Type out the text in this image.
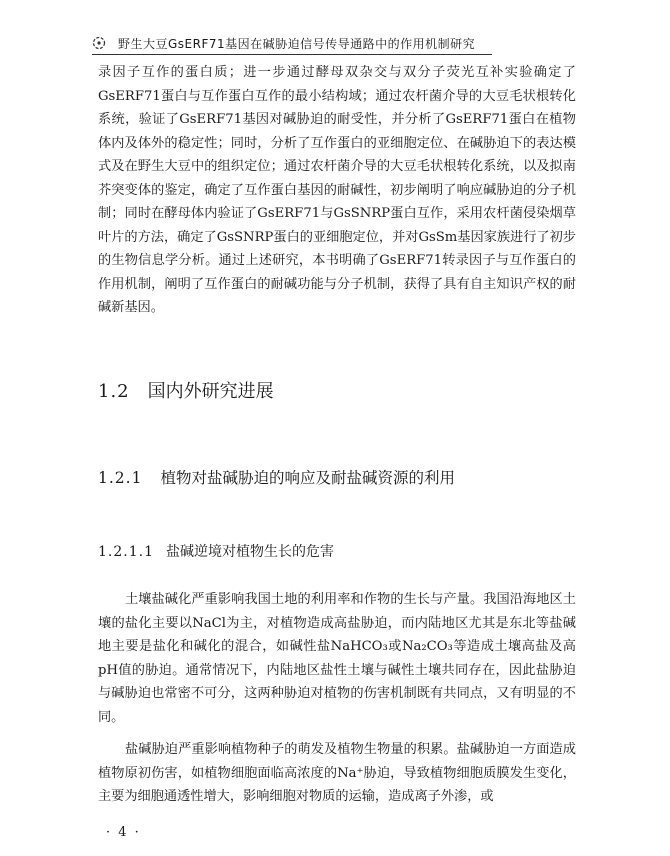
野生大豆GsERF71基因在碱胁迫信号传导通路中的作用机制研究

录因子互作的蛋白质；进一步通过酵母双杂交与双分子荧光互补实验确定了GsERF71蛋白与互作蛋白互作的最小结构域；通过农杆菌介导的大豆毛状根转化系统，验证了GsERF71基因对碱胁迫的耐受性，并分析了GsERF71蛋白在植物体内及体外的稳定性；同时，分析了互作蛋白的亚细胞定位、在碱胁迫下的表达模式及在野生大豆中的组织定位；通过农杆菌介导的大豆毛状根转化系统，以及拟南芥突变体的鉴定，确定了互作蛋白基因的耐碱性，初步阐明了响应碱胁迫的分子机制；同时在酵母体内验证了GsERF71与GsSNRP蛋白互作，采用农杆菌侵染烟草叶片的方法，确定了GsSNRP蛋白的亚细胞定位，并对GsSm基因家族进行了初步的生物信息学分析。通过上述研究，本书明确了GsERF71转录因子与互作蛋白的作用机制，阐明了互作蛋白的耐碱功能与分子机制，获得了具有自主知识产权的耐碱新基因。

1.2 国内外研究进展
1.2.1 植物对盐碱胁迫的响应及耐盐碱资源的利用
1.2.1.1 盐碱逆境对植物生长的危害

土壤盐碱化严重影响我国土地的利用率和作物的生长与产量。我国沿海地区土壤的盐化主要以NaCl为主，对植物造成高盐胁迫，而内陆地区尤其是东北等盐碱地主要是盐化和碱化的混合，如碱性盐NaHCO₃或Na₂CO₃等造成土壤高盐及高pH值的胁迫。通常情况下，内陆地区盐性土壤与碱性土壤共同存在，因此盐胁迫与碱胁迫也常密不可分，这两种胁迫对植物的伤害机制既有共同点，又有明显的不同。

盐碱胁迫严重影响植物种子的萌发及植物生物量的积累。盐碱胁迫一方面造成植物原初伤害，如植物细胞面临高浓度的Na⁺胁迫，导致植物细胞质膜发生变化，主要为细胞通透性增大，影响细胞对物质的运输，造成离子外渗，或

· 4 ·
